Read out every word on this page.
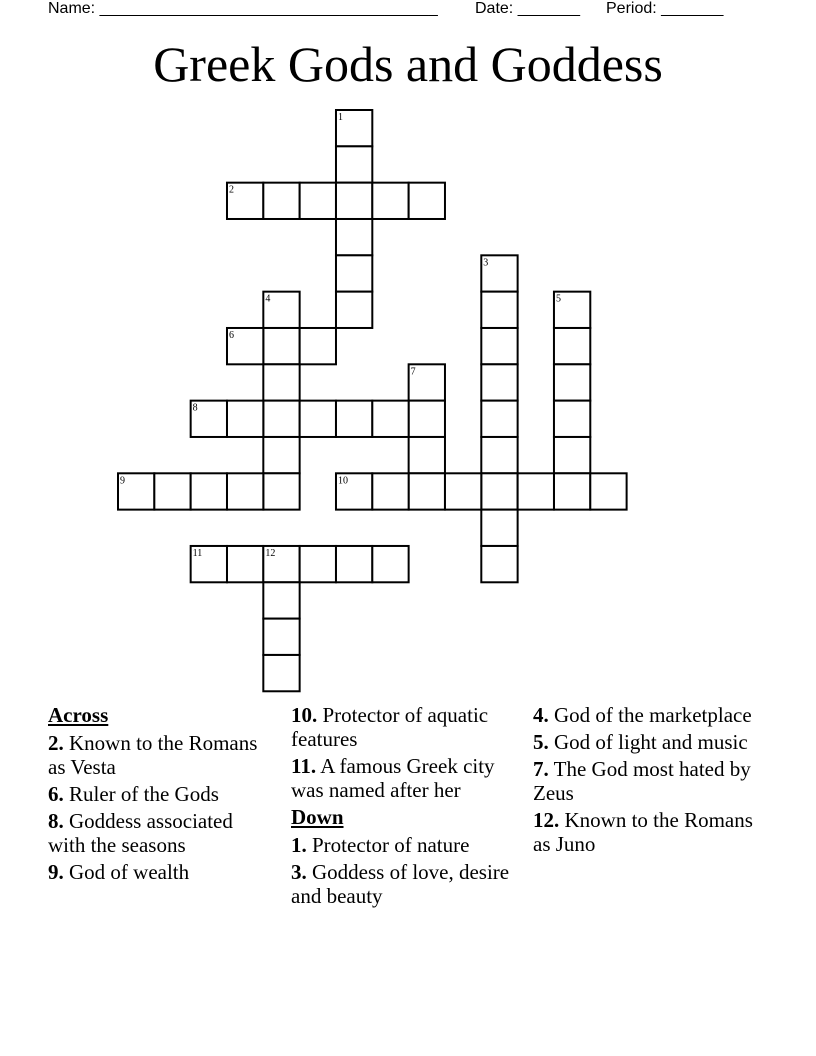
Name: ______________________________________ Date: _______ Period: _______
Greek Gods and Goddess
1
2
3
4	5
6
7
8
9	10
11	12
Across
2. Known to the Romans as Vesta
6. Ruler of the Gods
8. Goddess associated with the seasons
9. God of wealth
10. Protector of aquatic features
11. A famous Greek city was named after her
Down
1. Protector of nature
3. Goddess of love, desire and beauty
4. God of the marketplace
5. God of light and music
7. The God most hated by Zeus
12. Known to the Romans as Juno
